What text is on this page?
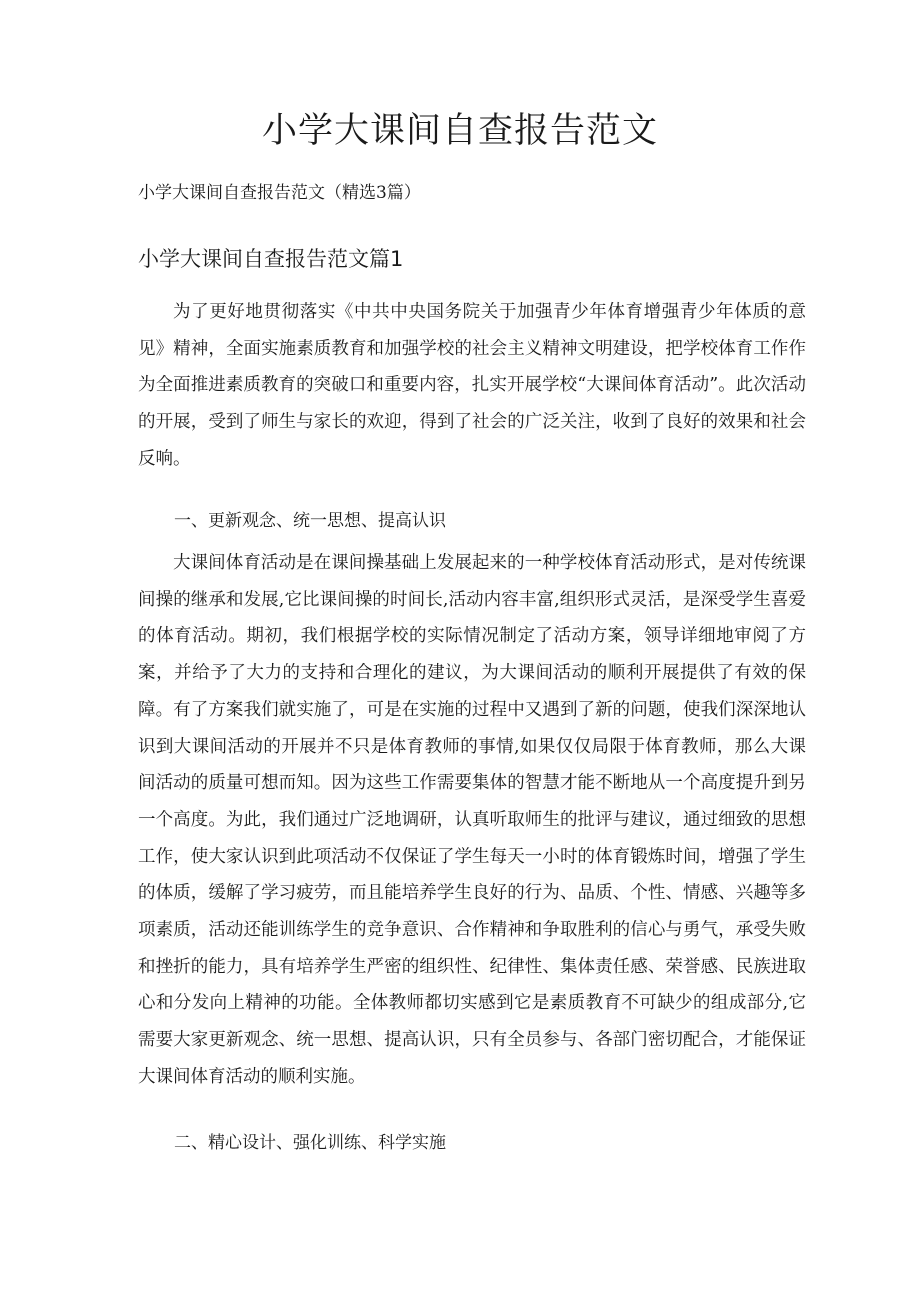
小学大课间自查报告范文
小学大课间自查报告范文（精选3篇）
小学大课间自查报告范文篇1

为了更好地贯彻落实《中共中央国务院关于加强青少年体育增强青少年体质的意见》精神，全面实施素质教育和加强学校的社会主义精神文明建设，把学校体育工作作为全面推进素质教育的突破口和重要内容，扎实开展学校“大课间体育活动”。此次活动的开展，受到了师生与家长的欢迎，得到了社会的广泛关注，收到了良好的效果和社会反响。

一、更新观念、统一思想、提高认识

大课间体育活动是在课间操基础上发展起来的一种学校体育活动形式，是对传统课间操的继承和发展,它比课间操的时间长,活动内容丰富,组织形式灵活，是深受学生喜爱的体育活动。期初，我们根据学校的实际情况制定了活动方案，领导详细地审阅了方案，并给予了大力的支持和合理化的建议，为大课间活动的顺利开展提供了有效的保障。有了方案我们就实施了，可是在实施的过程中又遇到了新的问题，使我们深深地认识到大课间活动的开展并不只是体育教师的事情,如果仅仅局限于体育教师，那么大课间活动的质量可想而知。因为这些工作需要集体的智慧才能不断地从一个高度提升到另一个高度。为此，我们通过广泛地调研，认真听取师生的批评与建议，通过细致的思想工作，使大家认识到此项活动不仅保证了学生每天一小时的体育锻炼时间，增强了学生的体质，缓解了学习疲劳，而且能培养学生良好的行为、品质、个性、情感、兴趣等多项素质，活动还能训练学生的竞争意识、合作精神和争取胜利的信心与勇气，承受失败和挫折的能力，具有培养学生严密的组织性、纪律性、集体责任感、荣誉感、民族进取心和分发向上精神的功能。全体教师都切实感到它是素质教育不可缺少的组成部分,它需要大家更新观念、统一思想、提高认识，只有全员参与、各部门密切配合，才能保证大课间体育活动的顺利实施。

二、精心设计、强化训练、科学实施
